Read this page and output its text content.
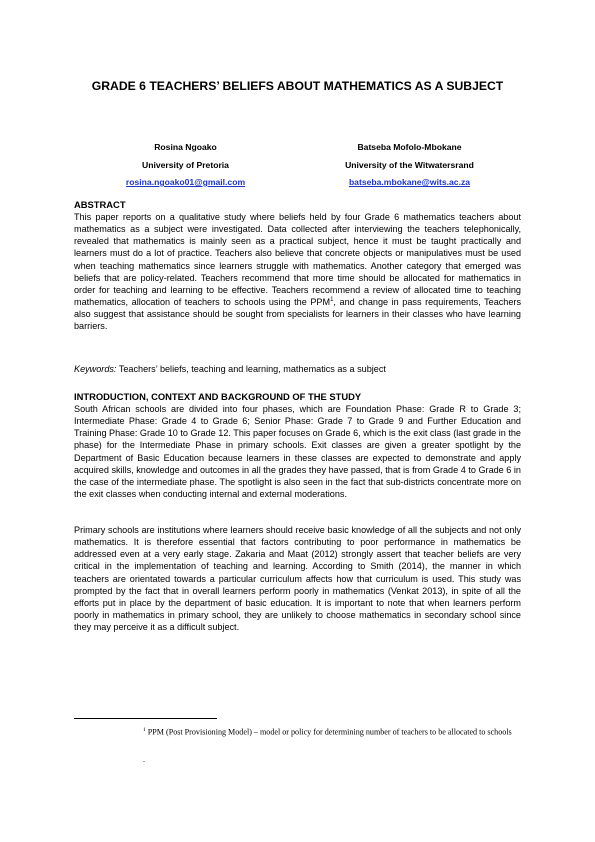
GRADE 6 TEACHERS’ BELIEFS ABOUT MATHEMATICS AS A SUBJECT
Rosina Ngoako
University of Pretoria
rosina.ngoako01@gmail.com
Batseba Mofolo-Mbokane
University of the Witwatersrand
batseba.mbokane@wits.ac.za
ABSTRACT

This paper reports on a qualitative study where beliefs held by four Grade 6 mathematics teachers about mathematics as a subject were investigated. Data collected after interviewing the teachers telephonically, revealed that mathematics is mainly seen as a practical subject, hence it must be taught practically and learners must do a lot of practice. Teachers also believe that concrete objects or manipulatives must be used when teaching mathematics since learners struggle with mathematics. Another category that emerged was beliefs that are policy-related. Teachers recommend that more time should be allocated for mathematics in order for teaching and learning to be effective. Teachers recommend a review of allocated time to teaching mathematics, allocation of teachers to schools using the PPM$^1$, and change in pass requirements, Teachers also suggest that assistance should be sought from specialists for learners in their classes who have learning barriers.

Keywords: Teachers’ beliefs, teaching and learning, mathematics as a subject
INTRODUCTION, CONTEXT AND BACKGROUND OF THE STUDY

South African schools are divided into four phases, which are Foundation Phase: Grade R to Grade 3; Intermediate Phase: Grade 4 to Grade 6; Senior Phase: Grade 7 to Grade 9 and Further Education and Training Phase: Grade 10 to Grade 12. This paper focuses on Grade 6, which is the exit class (last grade in the phase) for the Intermediate Phase in primary schools. Exit classes are given a greater spotlight by the Department of Basic Education because learners in these classes are expected to demonstrate and apply acquired skills, knowledge and outcomes in all the grades they have passed, that is from Grade 4 to Grade 6 in the case of the intermediate phase. The spotlight is also seen in the fact that sub-districts concentrate more on the exit classes when conducting internal and external moderations.

Primary schools are institutions where learners should receive basic knowledge of all the subjects and not only mathematics. It is therefore essential that factors contributing to poor performance in mathematics be addressed even at a very early stage. Zakaria and Maat (2012) strongly assert that teacher beliefs are very critical in the implementation of teaching and learning. According to Smith (2014), the manner in which teachers are orientated towards a particular curriculum affects how that curriculum is used. This study was prompted by the fact that in overall learners perform poorly in mathematics (Venkat 2013), in spite of all the efforts put in place by the department of basic education. It is important to note that when learners perform poorly in mathematics in primary school, they are unlikely to choose mathematics in secondary school since they may perceive it as a difficult subject.

$^1$ PPM (Post Provisioning Model) – model or policy for determining number of teachers to be allocated to schools
.
